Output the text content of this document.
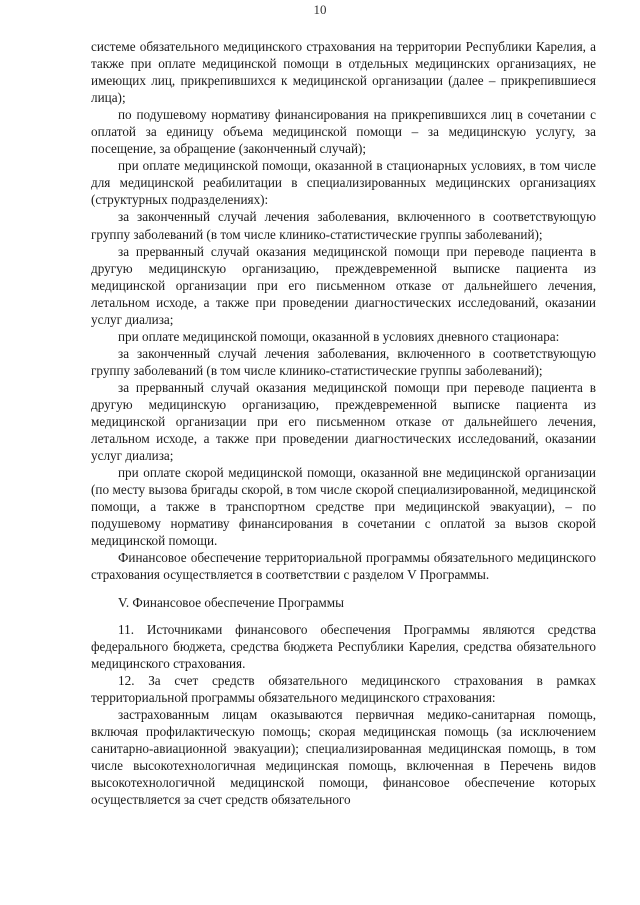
10

системе обязательного медицинского страхования на территории Республики Карелия, а также при оплате медицинской помощи в отдельных медицинских организациях, не имеющих лиц, прикрепившихся к медицинской организации (далее – прикрепившиеся лица);

по подушевому нормативу финансирования на прикрепившихся лиц в сочетании с оплатой за единицу объема медицинской помощи – за медицинскую услугу, за посещение, за обращение (законченный случай);

при оплате медицинской помощи, оказанной в стационарных условиях, в том числе для медицинской реабилитации в специализированных медицинских организациях (структурных подразделениях):

за законченный случай лечения заболевания, включенного в соответствующую группу заболеваний (в том числе клинико-статистические группы заболеваний);

за прерванный случай оказания медицинской помощи при переводе пациента в другую медицинскую организацию, преждевременной выписке пациента из медицинской организации при его письменном отказе от дальнейшего лечения, летальном исходе, а также при проведении диагностических исследований, оказании услуг диализа;

при оплате медицинской помощи, оказанной в условиях дневного стационара:

за законченный случай лечения заболевания, включенного в соответствующую группу заболеваний (в том числе клинико-статистические группы заболеваний);

за прерванный случай оказания медицинской помощи при переводе пациента в другую медицинскую организацию, преждевременной выписке пациента из медицинской организации при его письменном отказе от дальнейшего лечения, летальном исходе, а также при проведении диагностических исследований, оказании услуг диализа;

при оплате скорой медицинской помощи, оказанной вне медицинской организации (по месту вызова бригады скорой, в том числе скорой специализированной, медицинской помощи, а также в транспортном средстве при медицинской эвакуации), – по подушевому нормативу финансирования в сочетании с оплатой за вызов скорой медицинской помощи.

Финансовое обеспечение территориальной программы обязательного медицинского страхования осуществляется в соответствии с разделом V Программы.

V. Финансовое обеспечение Программы

11. Источниками финансового обеспечения Программы являются средства федерального бюджета, средства бюджета Республики Карелия, средства обязательного медицинского страхования.

12. За счет средств обязательного медицинского страхования в рамках территориальной программы обязательного медицинского страхования:

застрахованным лицам оказываются первичная медико-санитарная помощь, включая профилактическую помощь; скорая медицинская помощь (за исключением санитарно-авиационной эвакуации); специализированная медицинская помощь, в том числе высокотехнологичная медицинская помощь, включенная в Перечень видов высокотехнологичной медицинской помощи, финансовое обеспечение которых осуществляется за счет средств обязательного
